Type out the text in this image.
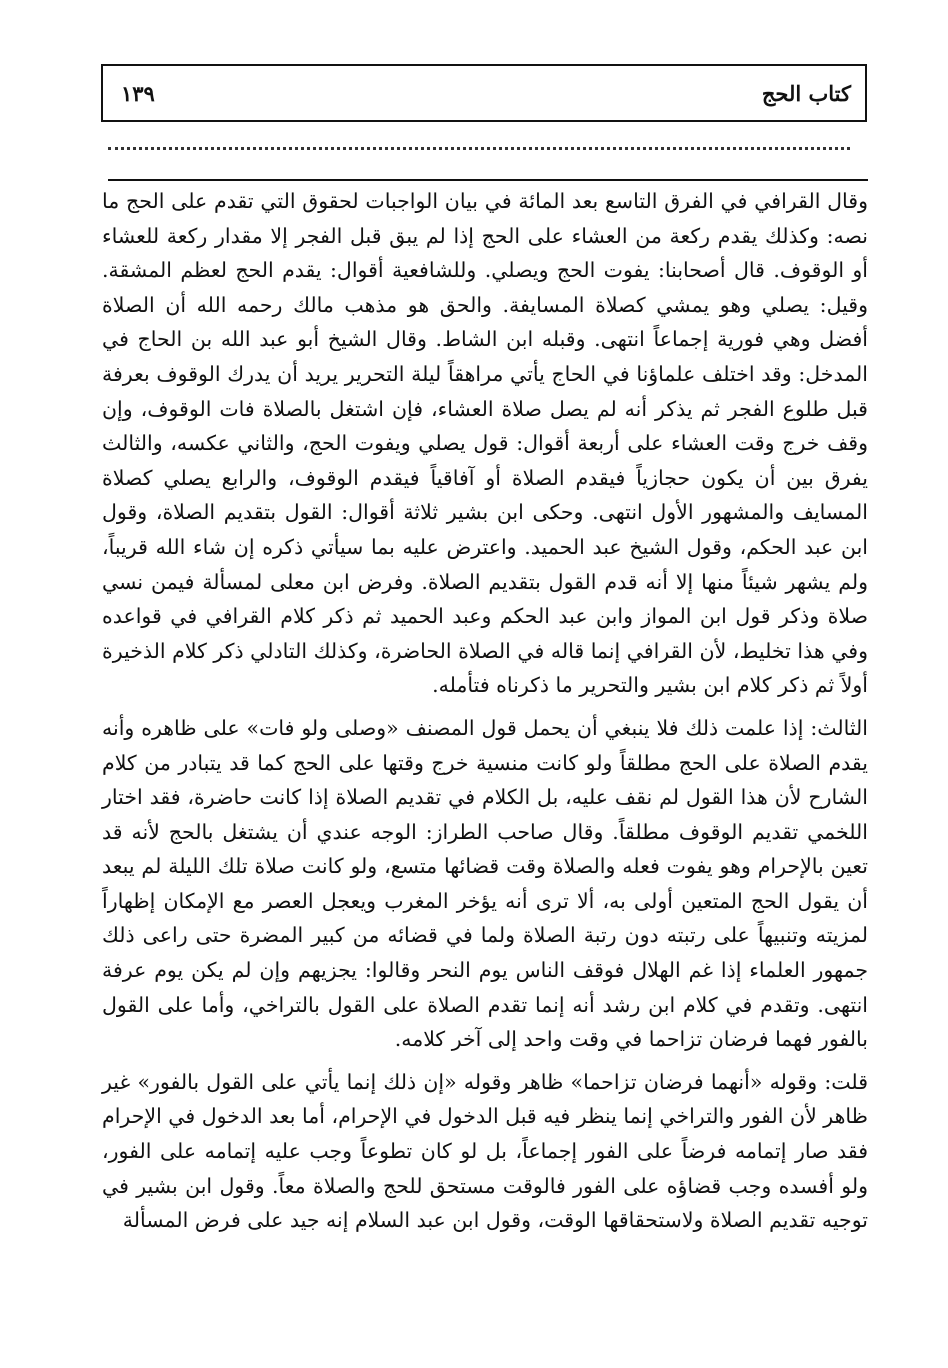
كتاب الحج
١٣٩

وقال القرافي في الفرق التاسع بعد المائة في بيان الواجبات لحقوق التي تقدم على الحج ما نصه: وكذلك يقدم ركعة من العشاء على الحج إذا لم يبق قبل الفجر إلا مقدار ركعة للعشاء أو الوقوف. قال أصحابنا: يفوت الحج ويصلي. وللشافعية أقوال: يقدم الحج لعظم المشقة. وقيل: يصلي وهو يمشي كصلاة المسايفة. والحق هو مذهب مالك رحمه الله أن الصلاة أفضل وهي فورية إجماعاً انتهى. وقبله ابن الشاط. وقال الشيخ أبو عبد الله بن الحاج في المدخل: وقد اختلف علماؤنا في الحاج يأتي مراهقاً ليلة التحرير يريد أن يدرك الوقوف بعرفة قبل طلوع الفجر ثم يذكر أنه لم يصل صلاة العشاء، فإن اشتغل بالصلاة فات الوقوف، وإن وقف خرج وقت العشاء على أربعة أقوال: قول يصلي ويفوت الحج، والثاني عكسه، والثالث يفرق بين أن يكون حجازياً فيقدم الصلاة أو آفاقياً فيقدم الوقوف، والرابع يصلي كصلاة المسايف والمشهور الأول انتهى. وحكى ابن بشير ثلاثة أقوال: القول بتقديم الصلاة، وقول ابن عبد الحكم، وقول الشيخ عبد الحميد. واعترض عليه بما سيأتي ذكره إن شاء الله قريباً، ولم يشهر شيئاً منها إلا أنه قدم القول بتقديم الصلاة. وفرض ابن معلى لمسألة فيمن نسي صلاة وذكر قول ابن المواز وابن عبد الحكم وعبد الحميد ثم ذكر كلام القرافي في قواعده وفي هذا تخليط، لأن القرافي إنما قاله في الصلاة الحاضرة، وكذلك التادلي ذكر كلام الذخيرة أولاً ثم ذكر كلام ابن بشير والتحرير ما ذكرناه فتأمله.

الثالث: إذا علمت ذلك فلا ينبغي أن يحمل قول المصنف «وصلى ولو فات» على ظاهره وأنه يقدم الصلاة على الحج مطلقاً ولو كانت منسية خرج وقتها على الحج كما قد يتبادر من كلام الشارح لأن هذا القول لم نقف عليه، بل الكلام في تقديم الصلاة إذا كانت حاضرة، فقد اختار اللخمي تقديم الوقوف مطلقاً. وقال صاحب الطراز: الوجه عندي أن يشتغل بالحج لأنه قد تعين بالإحرام وهو يفوت فعله والصلاة وقت قضائها متسع، ولو كانت صلاة تلك الليلة لم يبعد أن يقول الحج المتعين أولى به، ألا ترى أنه يؤخر المغرب ويعجل العصر مع الإمكان إظهاراً لمزيته وتنبيهاً على رتبته دون رتبة الصلاة ولما في قضائه من كبير المضرة حتى راعى ذلك جمهور العلماء إذا غم الهلال فوقف الناس يوم النحر وقالوا: يجزيهم وإن لم يكن يوم عرفة انتهى. وتقدم في كلام ابن رشد أنه إنما تقدم الصلاة على القول بالتراخي، وأما على القول بالفور فهما فرضان تزاحما في وقت واحد إلى آخر كلامه.

قلت: وقوله «أنهما فرضان تزاحما» ظاهر وقوله «إن ذلك إنما يأتي على القول بالفور» غير ظاهر لأن الفور والتراخي إنما ينظر فيه قبل الدخول في الإحرام، أما بعد الدخول في الإحرام فقد صار إتمامه فرضاً على الفور إجماعاً، بل لو كان تطوعاً وجب عليه إتمامه على الفور، ولو أفسده وجب قضاؤه على الفور فالوقت مستحق للحج والصلاة معاً. وقول ابن بشير في توجيه تقديم الصلاة ولاستحقاقها الوقت، وقول ابن عبد السلام إنه جيد على فرض المسألة
